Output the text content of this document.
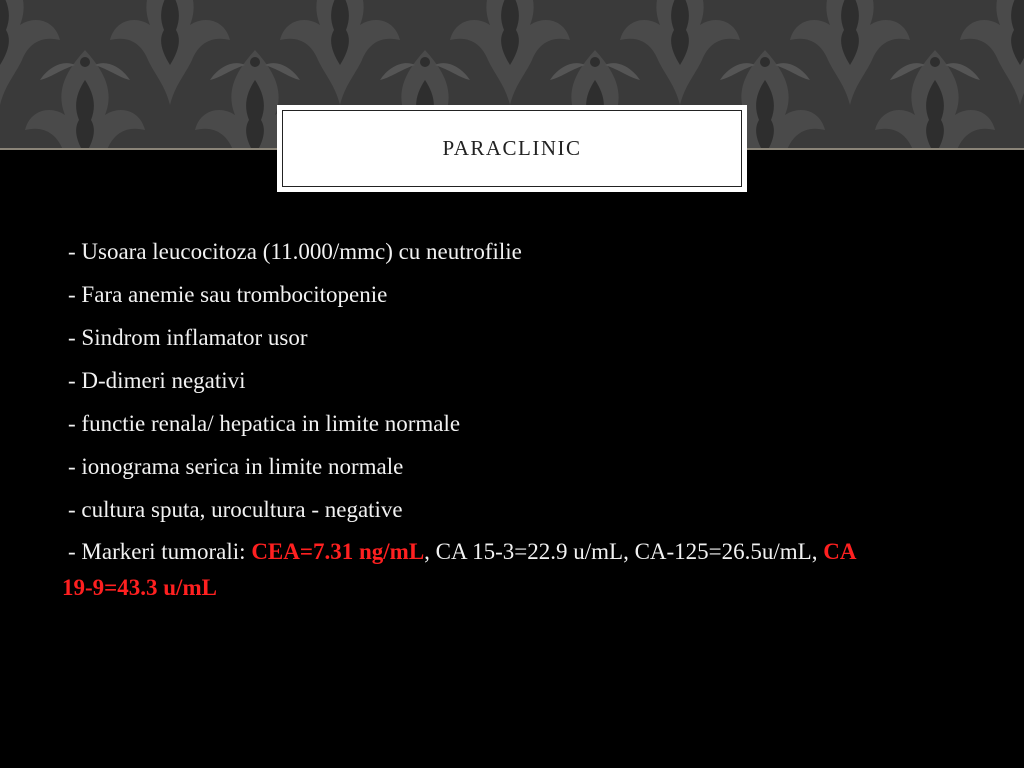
PARACLINIC
- Usoara leucocitoza (11.000/mmc) cu neutrofilie
- Fara anemie sau trombocitopenie
- Sindrom inflamator usor
- D-dimeri negativi
- functie renala/ hepatica in limite normale
- ionograma serica in limite normale
- cultura sputa, urocultura - negative
- Markeri tumorali: CEA=7.31 ng/mL, CA 15-3=22.9 u/mL, CA-125=26.5u/mL, CA 19-9=43.3 u/mL
